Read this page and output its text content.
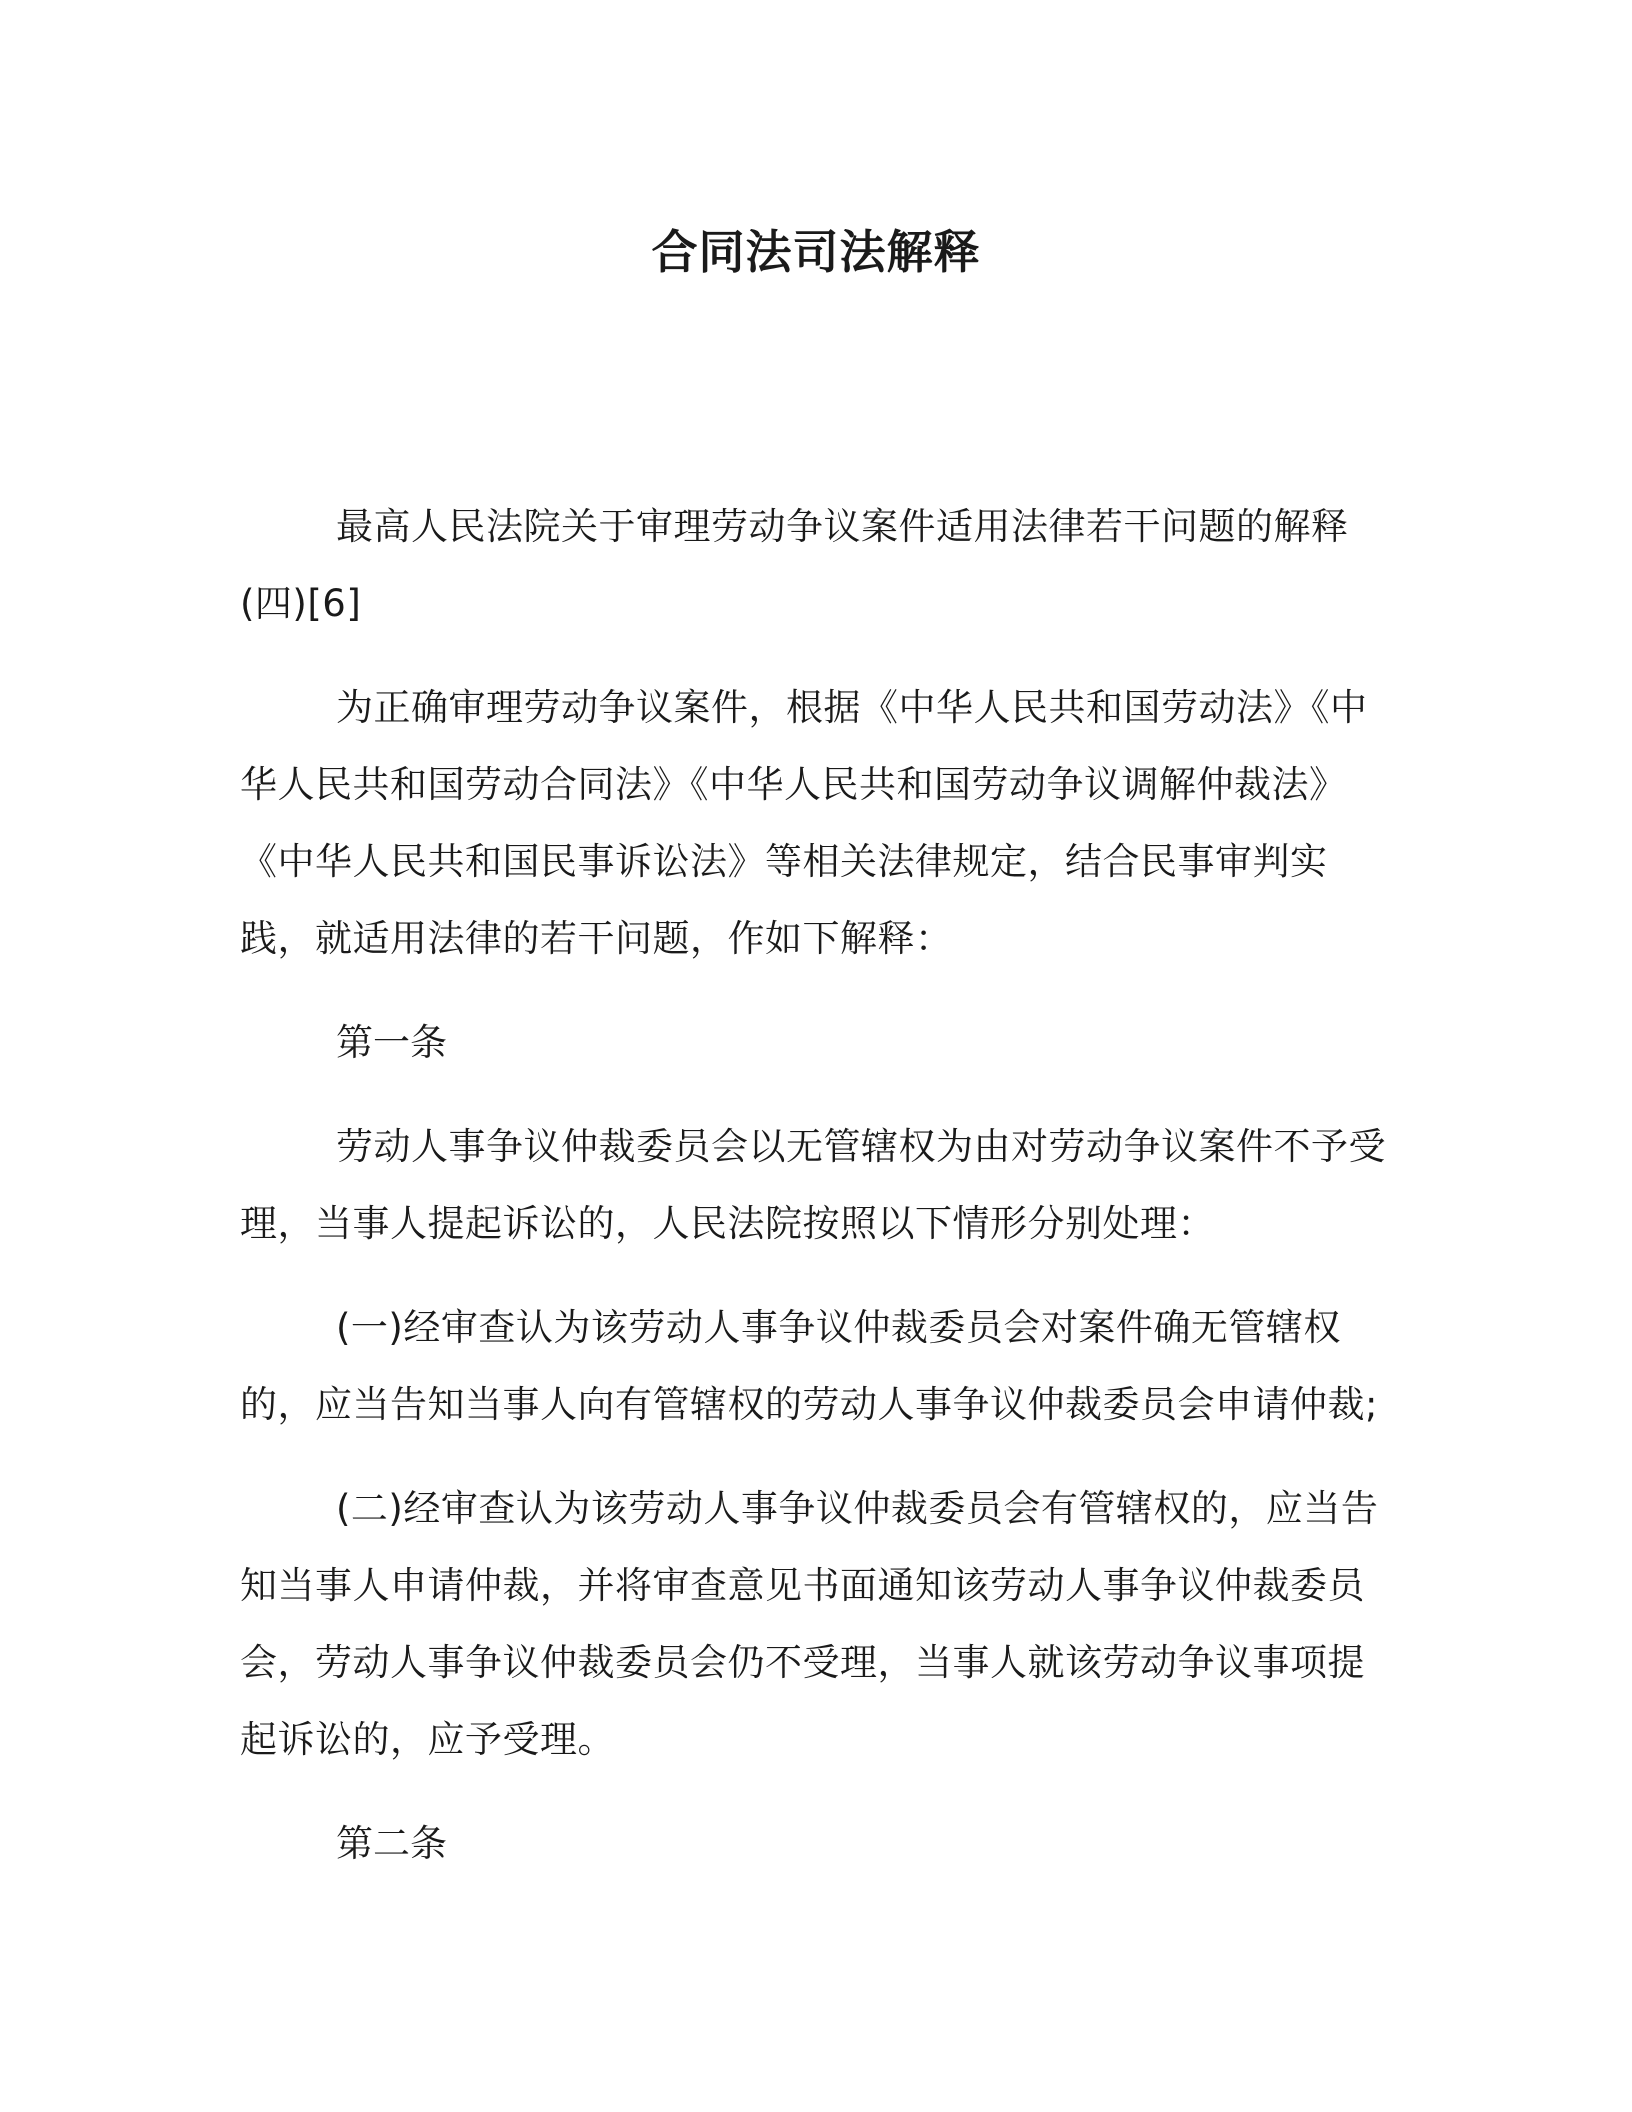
合同法司法解释

最高人民法院关于审理劳动争议案件适用法律若干问题的解释(四)[6]

为正确审理劳动争议案件，根据《中华人民共和国劳动法》《中华人民共和国劳动合同法》《中华人民共和国劳动争议调解仲裁法》《中华人民共和国民事诉讼法》等相关法律规定，结合民事审判实践，就适用法律的若干问题，作如下解释：

第一条

劳动人事争议仲裁委员会以无管辖权为由对劳动争议案件不予受理，当事人提起诉讼的，人民法院按照以下情形分别处理：

(一)经审查认为该劳动人事争议仲裁委员会对案件确无管辖权的，应当告知当事人向有管辖权的劳动人事争议仲裁委员会申请仲裁;

(二)经审查认为该劳动人事争议仲裁委员会有管辖权的，应当告知当事人申请仲裁，并将审查意见书面通知该劳动人事争议仲裁委员会，劳动人事争议仲裁委员会仍不受理，当事人就该劳动争议事项提起诉讼的，应予受理。

第二条
